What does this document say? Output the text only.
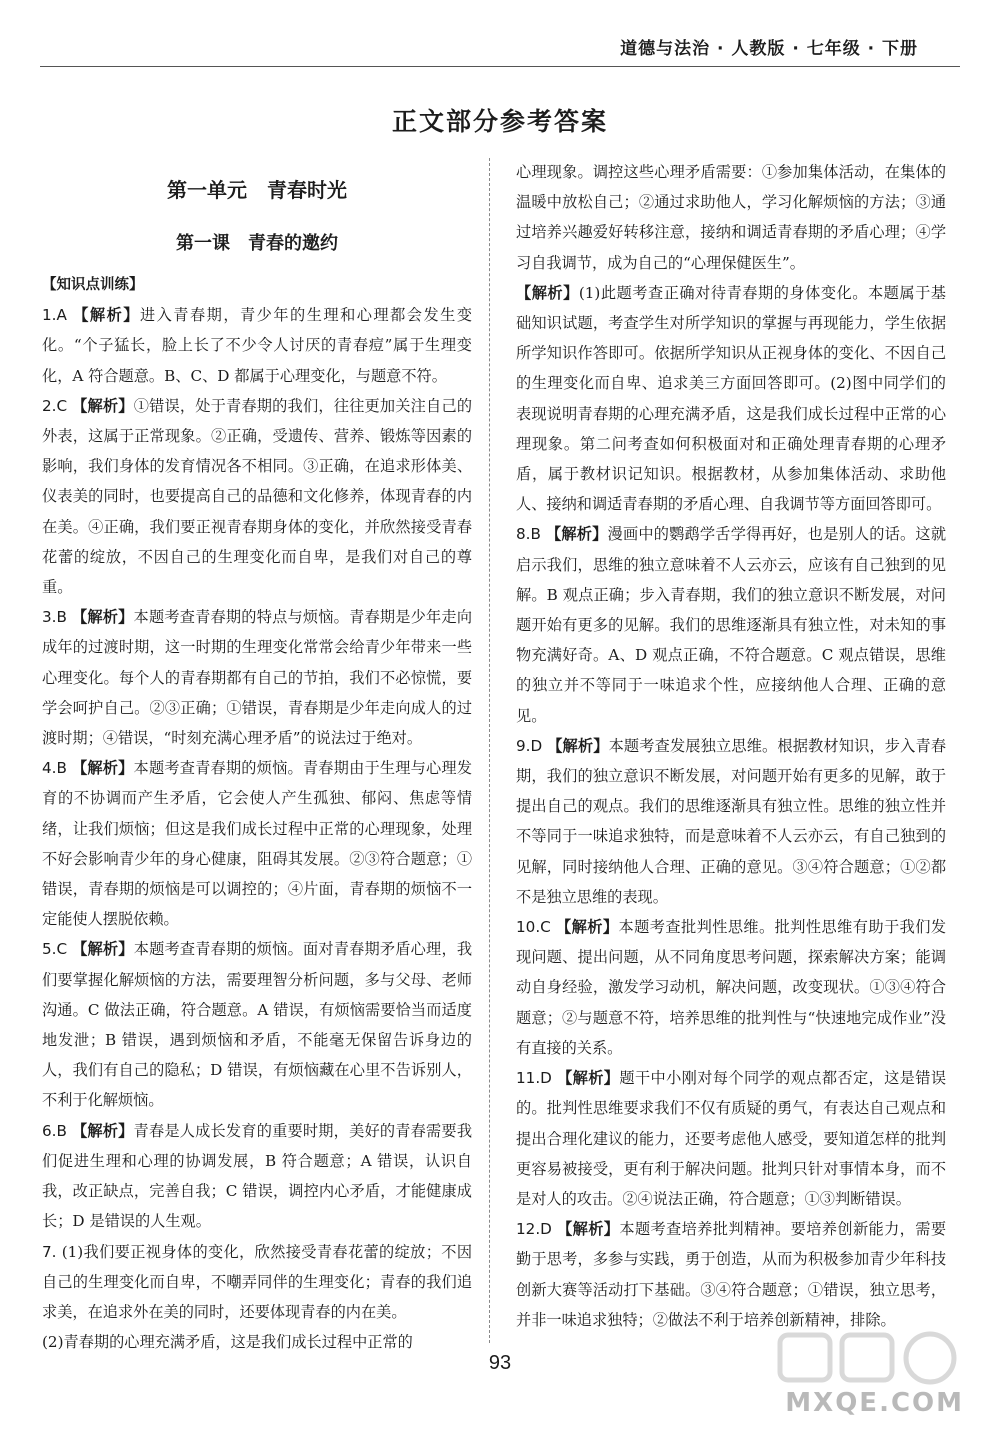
道德与法治 · 人教版 · 七年级 · 下册
正文部分参考答案
第一单元　青春时光
第一课　青春的邀约
【知识点训练】

1.A 【解析】进入青春期，青少年的生理和心理都会发生变化。“个子猛长，脸上长了不少令人讨厌的青春痘”属于生理变化，A 符合题意。B、C、D 都属于心理变化，与题意不符。

2.C 【解析】①错误，处于青春期的我们，往往更加关注自己的外表，这属于正常现象。②正确，受遗传、营养、锻炼等因素的影响，我们身体的发育情况各不相同。③正确，在追求形体美、仪表美的同时，也要提高自己的品德和文化修养，体现青春的内在美。④正确，我们要正视青春期身体的变化，并欣然接受青春花蕾的绽放，不因自己的生理变化而自卑，是我们对自己的尊重。

3.B 【解析】本题考查青春期的特点与烦恼。青春期是少年走向成年的过渡时期，这一时期的生理变化常常会给青少年带来一些心理变化。每个人的青春期都有自己的节拍，我们不必惊慌，要学会呵护自己。②③正确；①错误，青春期是少年走向成人的过渡时期；④错误，“时刻充满心理矛盾”的说法过于绝对。

4.B 【解析】本题考查青春期的烦恼。青春期由于生理与心理发育的不协调而产生矛盾，它会使人产生孤独、郁闷、焦虑等情绪，让我们烦恼；但这是我们成长过程中正常的心理现象，处理不好会影响青少年的身心健康，阻碍其发展。②③符合题意；①错误，青春期的烦恼是可以调控的；④片面，青春期的烦恼不一定能使人摆脱依赖。

5.C 【解析】本题考查青春期的烦恼。面对青春期矛盾心理，我们要掌握化解烦恼的方法，需要理智分析问题，多与父母、老师沟通。C 做法正确，符合题意。A 错误，有烦恼需要恰当而适度地发泄；B 错误，遇到烦恼和矛盾，不能毫无保留告诉身边的人，我们有自己的隐私；D 错误，有烦恼藏在心里不告诉别人，不利于化解烦恼。

6.B 【解析】青春是人成长发育的重要时期，美好的青春需要我们促进生理和心理的协调发展，B 符合题意；A 错误，认识自我，改正缺点，完善自我；C 错误，调控内心矛盾，才能健康成长；D 是错误的人生观。

7. (1)我们要正视身体的变化，欣然接受青春花蕾的绽放；不因自己的生理变化而自卑，不嘲弄同伴的生理变化；青春的我们追求美，在追求外在美的同时，还要体现青春的内在美。

(2)青春期的心理充满矛盾，这是我们成长过程中正常的

心理现象。调控这些心理矛盾需要：①参加集体活动，在集体的温暖中放松自己；②通过求助他人，学习化解烦恼的方法；③通过培养兴趣爱好转移注意，接纳和调适青春期的矛盾心理；④学习自我调节，成为自己的“心理保健医生”。

【解析】(1)此题考查正确对待青春期的身体变化。本题属于基础知识试题，考查学生对所学知识的掌握与再现能力，学生依据所学知识作答即可。依据所学知识从正视身体的变化、不因自己的生理变化而自卑、追求美三方面回答即可。(2)图中同学们的表现说明青春期的心理充满矛盾，这是我们成长过程中正常的心理现象。第二问考查如何积极面对和正确处理青春期的心理矛盾，属于教材识记知识。根据教材，从参加集体活动、求助他人、接纳和调适青春期的矛盾心理、自我调节等方面回答即可。

8.B 【解析】漫画中的鹦鹉学舌学得再好，也是别人的话。这就启示我们，思维的独立意味着不人云亦云，应该有自己独到的见解。B 观点正确；步入青春期，我们的独立意识不断发展，对问题开始有更多的见解。我们的思维逐渐具有独立性，对未知的事物充满好奇。A、D 观点正确，不符合题意。C 观点错误，思维的独立并不等同于一味追求个性，应接纳他人合理、正确的意见。

9.D 【解析】本题考查发展独立思维。根据教材知识，步入青春期，我们的独立意识不断发展，对问题开始有更多的见解，敢于提出自己的观点。我们的思维逐渐具有独立性。思维的独立性并不等同于一味追求独特，而是意味着不人云亦云，有自己独到的见解，同时接纳他人合理、正确的意见。③④符合题意；①②都不是独立思维的表现。

10.C 【解析】本题考查批判性思维。批判性思维有助于我们发现问题、提出问题，从不同角度思考问题，探索解决方案；能调动自身经验，激发学习动机，解决问题，改变现状。①③④符合题意；②与题意不符，培养思维的批判性与“快速地完成作业”没有直接的关系。

11.D 【解析】题干中小刚对每个同学的观点都否定，这是错误的。批判性思维要求我们不仅有质疑的勇气，有表达自己观点和提出合理化建议的能力，还要考虑他人感受，要知道怎样的批判更容易被接受，更有利于解决问题。批判只针对事情本身，而不是对人的攻击。②④说法正确，符合题意；①③判断错误。

12.D 【解析】本题考查培养批判精神。要培养创新能力，需要勤于思考，多参与实践，勇于创造，从而为积极参加青少年科技创新大赛等活动打下基础。③④符合题意；①错误，独立思考，并非一味追求独特；②做法不利于培养创新精神，排除。

93
MXQE.COM
